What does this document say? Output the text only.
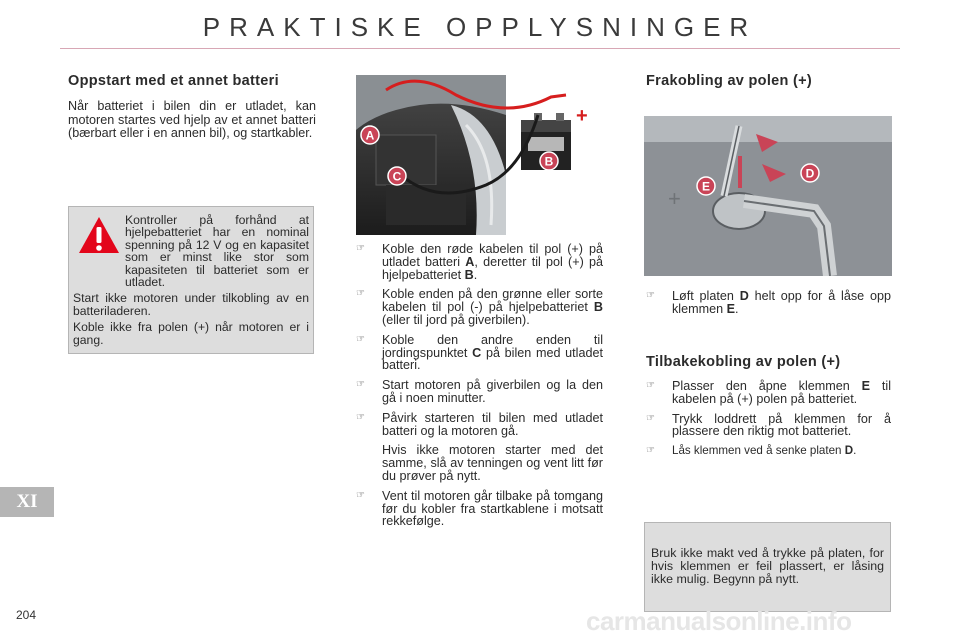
PRAKTISKE OPPLYSNINGER
Oppstart med et annet batteri

Når batteriet i bilen din er utladet, kan motoren startes ved hjelp av et annet batteri (bærbart eller i en annen bil), og startkabler.

Kontroller på forhånd at hjelpebatteriet har en nominal spenning på 12 V og en kapasitet som er minst like stor som kapasiteten til batteriet som er utladet.

Start ikke motoren under tilkobling av en batteriladeren.

Koble ikke fra polen (+) når motoren er i gang.

+
A
B
C
☞ Koble den røde kabelen til pol (+) på utladet batteri A, deretter til pol (+) på hjelpebatteriet B.
☞ Koble enden på den grønne eller sorte kabelen til pol (-) på hjelpebatteriet B (eller til jord på giverbilen).
☞ Koble den andre enden til jordingspunktet C på bilen med utladet batteri.
☞ Start motoren på giverbilen og la den gå i noen minutter.
☞ Påvirk starteren til bilen med utladet batteri og la motoren gå.
Hvis ikke motoren starter med det samme, slå av tenningen og vent litt før du prøver på nytt.
☞ Vent til motoren går tilbake på tomgang før du kobler fra startkablene i motsatt rekkefølge.
Frakobling av polen (+)
+
D
E
☞ Løft platen D helt opp for å låse opp klemmen E.
Tilbakekobling av polen (+)
☞ Plasser den åpne klemmen E til kabelen på (+) polen på batteriet.
☞ Trykk loddrett på klemmen for å plassere den riktig mot batteriet.
☞ Lås klemmen ved å senke platen D.

Bruk ikke makt ved å trykke på platen, for hvis klemmen er feil plassert, er låsing ikke mulig. Begynn på nytt.

XI
204	carmanualsonline.info
